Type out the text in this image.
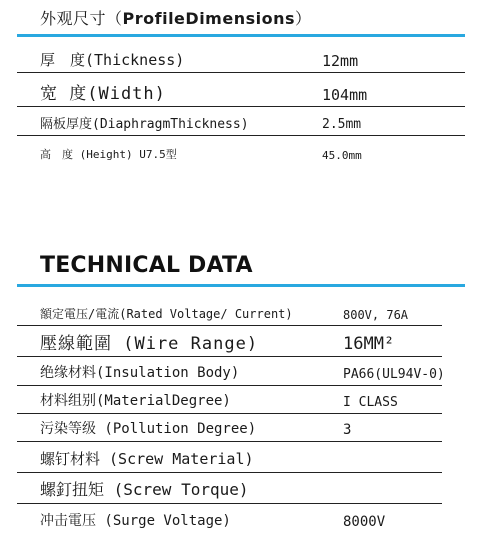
外观尺寸（ProfileDimensions）
厚　度(Thickness)	12mm
宽 度(Width)	104mm
隔板厚度(DiaphragmThickness)	2.5mm
高　度 (Height) U7.5型	45.0mm
TECHNICAL DATA
額定電压/電流(Rated Voltage/ Current)	800V, 76A
壓線範圍 (Wire Range)	16MM²
绝缘材料(Insulation Body)	PA66(UL94V-0)
材料组别(MaterialDegree)	I CLASS
污染等级 (Pollution Degree)	3
螺钉材料 (Screw Material)
螺釘扭矩 (Screw Torque)
冲击電压 (Surge Voltage)	8000V
